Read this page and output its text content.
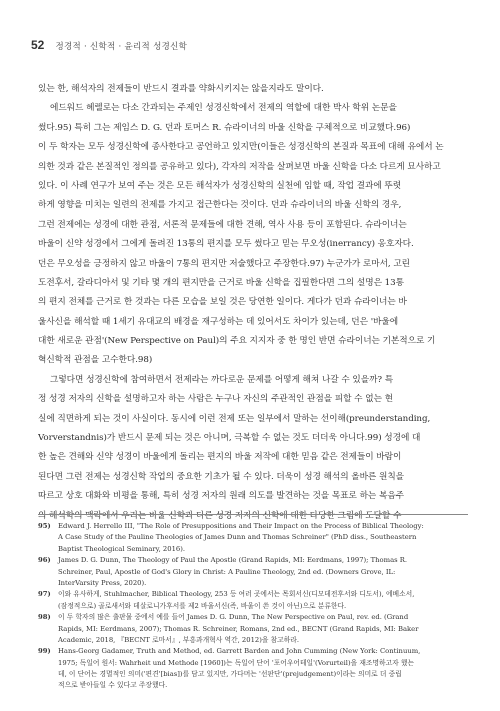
52 정경적 · 신학적 · 윤리적 성경신학
있는 한, 해석자의 전제들이 반드시 결과를 약화시키지는 않을지라도 말이다.
에드워드 헤렐로는 다소 간과되는 주제인 성경신학에서 전제의 역할에 대한 박사 학위 논문을
썼다.95) 특히 그는 제임스 D. G. 던과 토머스 R. 슈라이너의 바울 신학을 구체적으로 비교했다.96)
이 두 학자는 모두 성경신학에 종사한다고 공언하고 있지만(이들은 성경신학의 본질과 목표에 대해 유에서 논
의한 것과 같은 본질적인 정의를 공유하고 있다), 각자의 저작을 살펴보면 바울 신학을 다소 다르게 묘사하고
있다. 이 사례 연구가 보여 주는 것은 모든 해석자가 성경신학의 실천에 임할 때, 작업 결과에 뚜렷
하게 영향을 미치는 일련의 전제를 가지고 접근한다는 것이다. 던과 슈라이너의 바울 신학의 경우,
그런 전제에는 성경에 대한 관점, 서론적 문제들에 대한 견해, 역사 사용 등이 포함된다. 슈라이너는
바울이 신약 성경에서 그에게 돌려진 13통의 편지를 모두 썼다고 믿는 무오성(inerrancy) 옹호자다.
던은 무오성을 긍정하지 않고 바울이 7통의 편지만 저술했다고 주장한다.97) 누군가가 로마서, 고린
도전후서, 갈라디아서 및 기타 몇 개의 편지만을 근거로 바울 신학을 집필한다면 그의 설명은 13통
의 편지 전체를 근거로 한 것과는 다른 모습을 보일 것은 당연한 일이다. 게다가 던과 슈라이너는 바
울사신을 해석할 때 1세기 유대교의 배경을 재구성하는 데 있어서도 차이가 있는데, 던은 '바울에
대한 새로운 관점'(New Perspective on Paul)의 주요 지지자 중 한 명인 반면 슈라이너는 기본적으로 기
혁신학적 관점을 고수한다.98)
그렇다면 성경신학에 참여하면서 전제라는 까다로운 문제를 어떻게 해쳐 나갈 수 있을까? 특
정 성경 저자의 신학을 설명하고자 하는 사람은 누구나 자신의 주관적인 관점을 피할 수 없는 현
실에 직면하게 되는 것이 사실이다. 동시에 이런 전제 또는 일부에서 말하는 선이해(preunderstanding,
Vorverstandnis)가 반드시 문제 되는 것은 아니며, 극복할 수 없는 것도 더더욱 아니다.99) 성경에 대
한 높은 견해와 신약 성경이 바울에게 돌리는 편지의 바울 저작에 대한 믿음 같은 전제들이 바람이
된다면 그런 전제는 성경신학 작업의 중요한 기초가 될 수 있다. 더욱이 성경 해석의 올바른 원칙을
따르고 상호 대화와 비평을 통해, 특히 성경 저자의 원래 의도를 발견하는 것을 목표로 하는 복음주
의 해석학의 맥락에서 우리는 바울 신학과 다른 성경 저자의 신학에 대한 타당한 그림에 도달할 수
95) Edward J. Herrello III, "The Role of Presuppositions and Their Impact on the Process of Biblical Theology:
A Case Study of the Pauline Theologies of James Dunn and Thomas Schreiner" (PhD diss., Southeastern
Baptist Theological Seminary, 2016).
96) James D. G. Dunn, The Theology of Paul the Apostle (Grand Rapids, MI: Eerdmans, 1997); Thomas R.
Schreiner, Paul, Apostle of God's Glory in Christ: A Pauline Theology, 2nd ed. (Downers Grove, IL:
InterVarsity Press, 2020).
97) 이와 유사하게, Stuhlmacher, Biblical Theology, 253 등 여러 곳에서는 목회서신(디모데전후서와 디도서), 에베소서,
(잠정적으로) 골로새서와 데살로니가후서를 제2 바울서신(즉, 바울이 쓴 것이 아닌)으로 분류한다.
98) 이 두 학자의 많은 출판물 중에서 예를 들어 James D. G. Dunn, The New Perspective on Paul, rev. ed. (Grand
Rapids, MI: Eerdmans, 2007); Thomas R. Schreiner, Romans, 2nd ed., BECNT (Grand Rapids, MI: Baker
Academic, 2018, 『BECNT 로마서』, 부흥과개혁사 역간, 2012)을 참고하라.
99) Hans-Georg Gadamer, Truth and Method, ed. Garrett Barden and John Cumming (New York: Continuum,
1975; 독일어 원서: Wahrheit und Methode [1960])는 독일어 단어 '포어우어테일'(Vorurteil)을 재조명하고자 했는
데, 이 단어는 경멸적인 의미('편견'[bias])를 담고 있지만, 가다머는 '선판단'(prejudgement)이라는 의미로 더 중립
적으로 받아들일 수 있다고 주장했다.
